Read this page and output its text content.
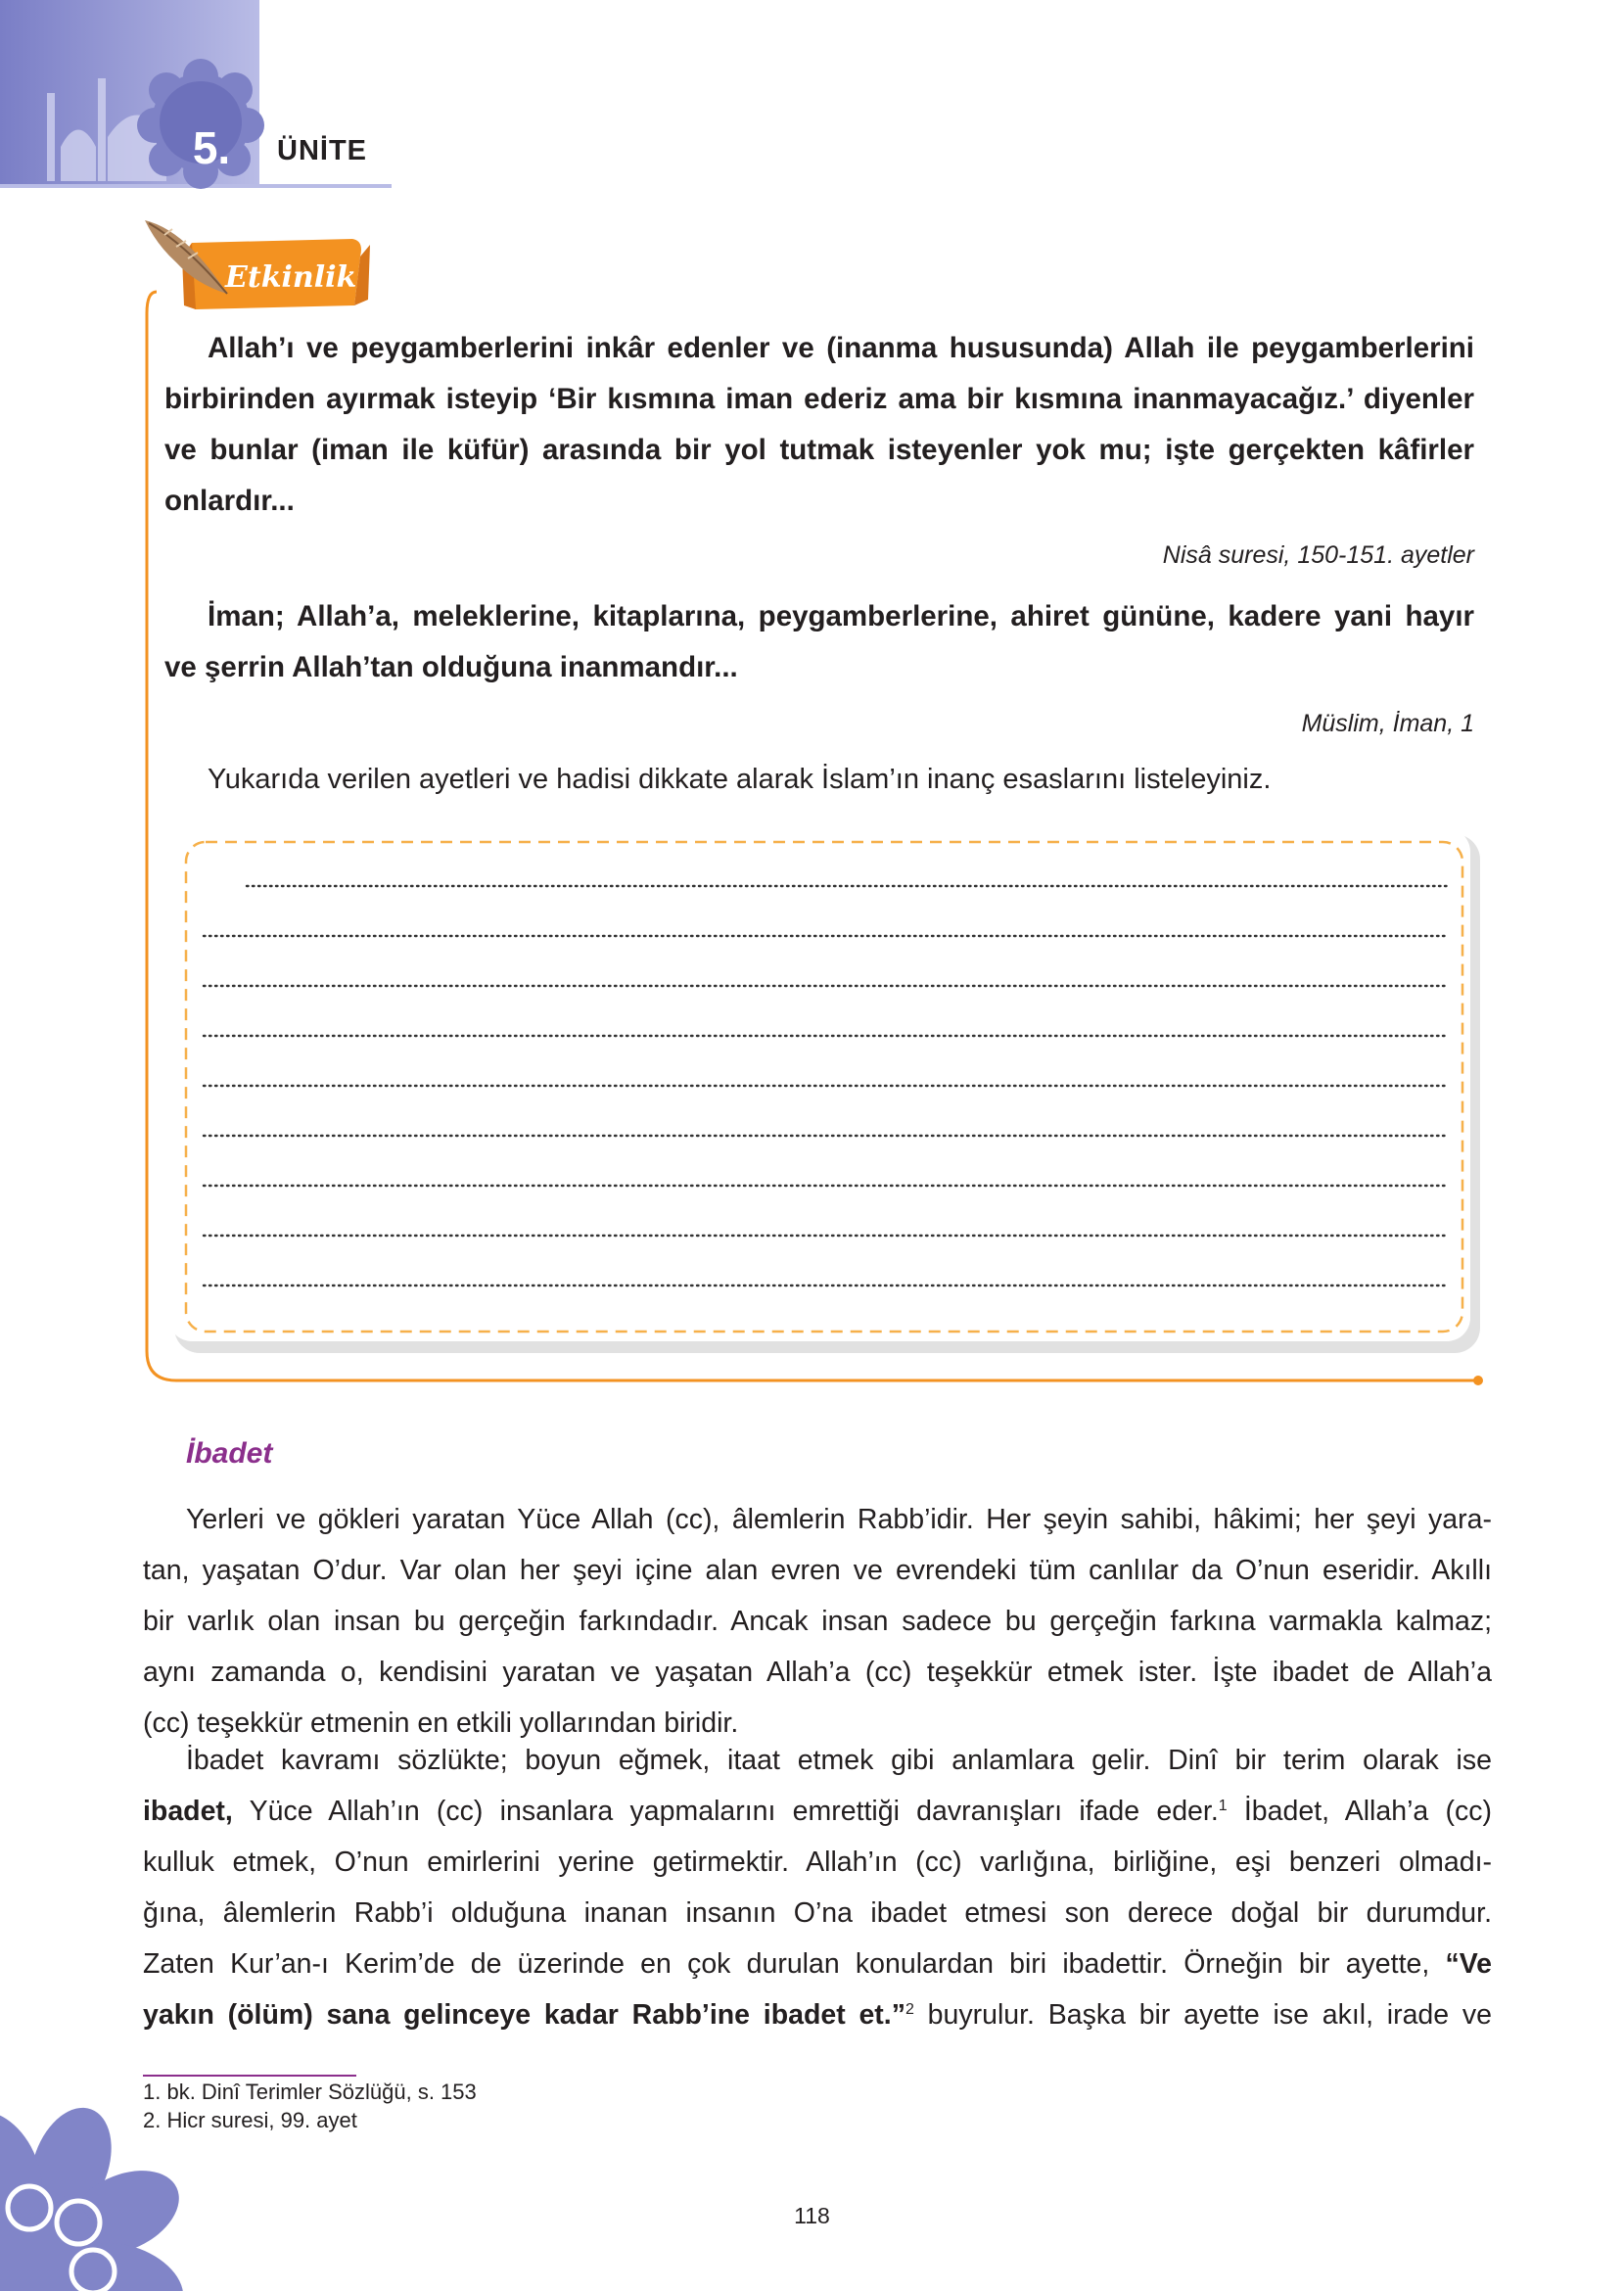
5.	ÜNİTE
Etkinlik
Allah’ı ve peygamberlerini inkâr edenler ve (inanma hususunda) Allah ile peygamberlerini
birbirinden ayırmak isteyip ‘Bir kısmına iman ederiz ama bir kısmına inanmayacağız.’ diyenler
ve bunlar (iman ile küfür) arasında bir yol tutmak isteyenler yok mu; işte gerçekten kâfirler
onlardır...
Nisâ suresi, 150-151. ayetler
İman; Allah’a, meleklerine, kitaplarına, peygamberlerine, ahiret gününe, kadere yani hayır
ve şerrin Allah’tan olduğuna inanmandır...
Müslim, İman, 1
Yukarıda verilen ayetleri ve hadisi dikkate alarak İslam’ın inanç esaslarını listeleyiniz.
İbadet
Yerleri ve gökleri yaratan Yüce Allah (cc), âlemlerin Rabb’idir. Her şeyin sahibi, hâkimi; her şeyi yara-
tan, yaşatan O’dur. Var olan her şeyi içine alan evren ve evrendeki tüm canlılar da O’nun eseridir. Akıllı
bir varlık olan insan bu gerçeğin farkındadır. Ancak insan sadece bu gerçeğin farkına varmakla kalmaz;
aynı zamanda o, kendisini yaratan ve yaşatan Allah’a (cc) teşekkür etmek ister. İşte ibadet de Allah’a
(cc) teşekkür etmenin en etkili yollarından biridir.
İbadet kavramı sözlükte; boyun eğmek, itaat etmek gibi anlamlara gelir. Dinî bir terim olarak ise
ibadet, Yüce Allah’ın (cc) insanlara yapmalarını emrettiği davranışları ifade eder.$^1$ İbadet, Allah’a (cc)
kulluk etmek, O’nun emirlerini yerine getirmektir. Allah’ın (cc) varlığına, birliğine, eşi benzeri olmadı-
ğına, âlemlerin Rabb’i olduğuna inanan insanın O’na ibadet etmesi son derece doğal bir durumdur.
Zaten Kur’an-ı Kerim’de de üzerinde en çok durulan konulardan biri ibadettir. Örneğin bir ayette, “Ve
yakın (ölüm) sana gelinceye kadar Rabb’ine ibadet et.”$^2$ buyrulur. Başka bir ayette ise akıl, irade ve
1. bk. Dinî Terimler Sözlüğü, s. 153
2. Hicr suresi, 99. ayet
118
